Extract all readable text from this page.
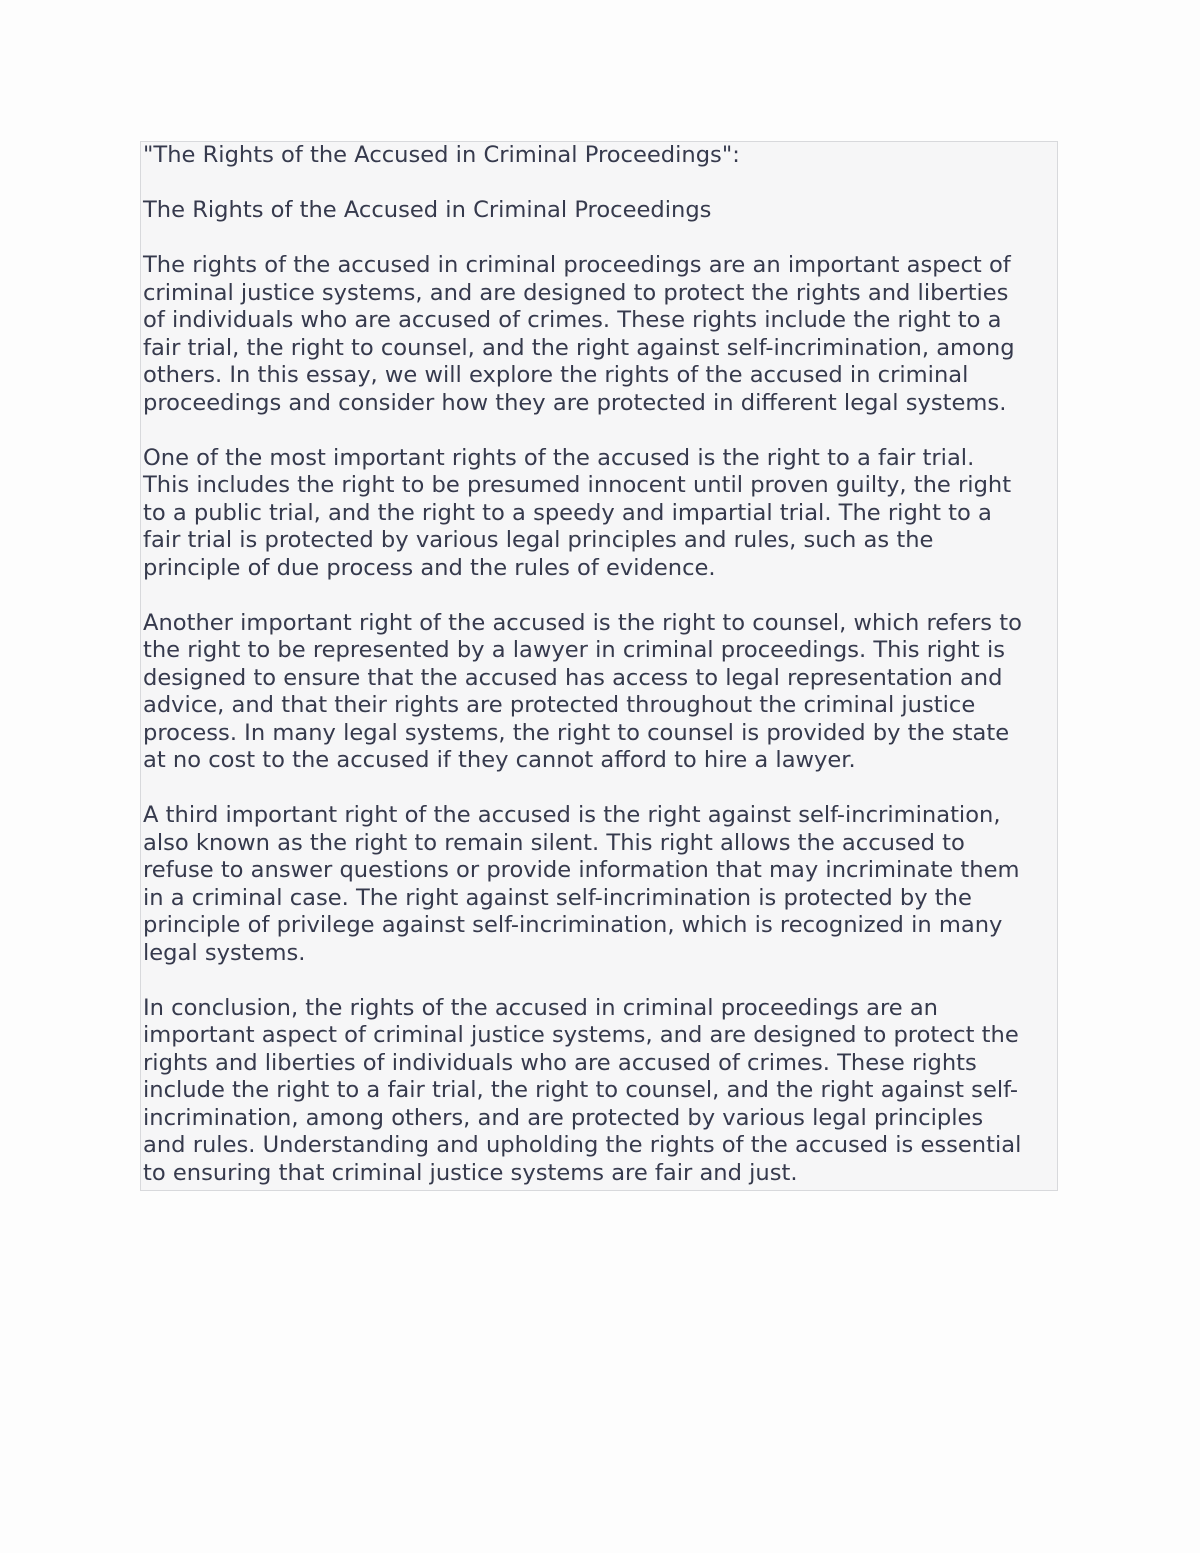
"The Rights of the Accused in Criminal Proceedings":

The Rights of the Accused in Criminal Proceedings

The rights of the accused in criminal proceedings are an important aspect of
criminal justice systems, and are designed to protect the rights and liberties
of individuals who are accused of crimes. These rights include the right to a
fair trial, the right to counsel, and the right against self-incrimination, among
others. In this essay, we will explore the rights of the accused in criminal
proceedings and consider how they are protected in different legal systems.

One of the most important rights of the accused is the right to a fair trial.
This includes the right to be presumed innocent until proven guilty, the right
to a public trial, and the right to a speedy and impartial trial. The right to a
fair trial is protected by various legal principles and rules, such as the
principle of due process and the rules of evidence.

Another important right of the accused is the right to counsel, which refers to
the right to be represented by a lawyer in criminal proceedings. This right is
designed to ensure that the accused has access to legal representation and
advice, and that their rights are protected throughout the criminal justice
process. In many legal systems, the right to counsel is provided by the state
at no cost to the accused if they cannot afford to hire a lawyer.

A third important right of the accused is the right against self-incrimination,
also known as the right to remain silent. This right allows the accused to
refuse to answer questions or provide information that may incriminate them
in a criminal case. The right against self-incrimination is protected by the
principle of privilege against self-incrimination, which is recognized in many
legal systems.

In conclusion, the rights of the accused in criminal proceedings are an
important aspect of criminal justice systems, and are designed to protect the
rights and liberties of individuals who are accused of crimes. These rights
include the right to a fair trial, the right to counsel, and the right against self-
incrimination, among others, and are protected by various legal principles
and rules. Understanding and upholding the rights of the accused is essential
to ensuring that criminal justice systems are fair and just.
